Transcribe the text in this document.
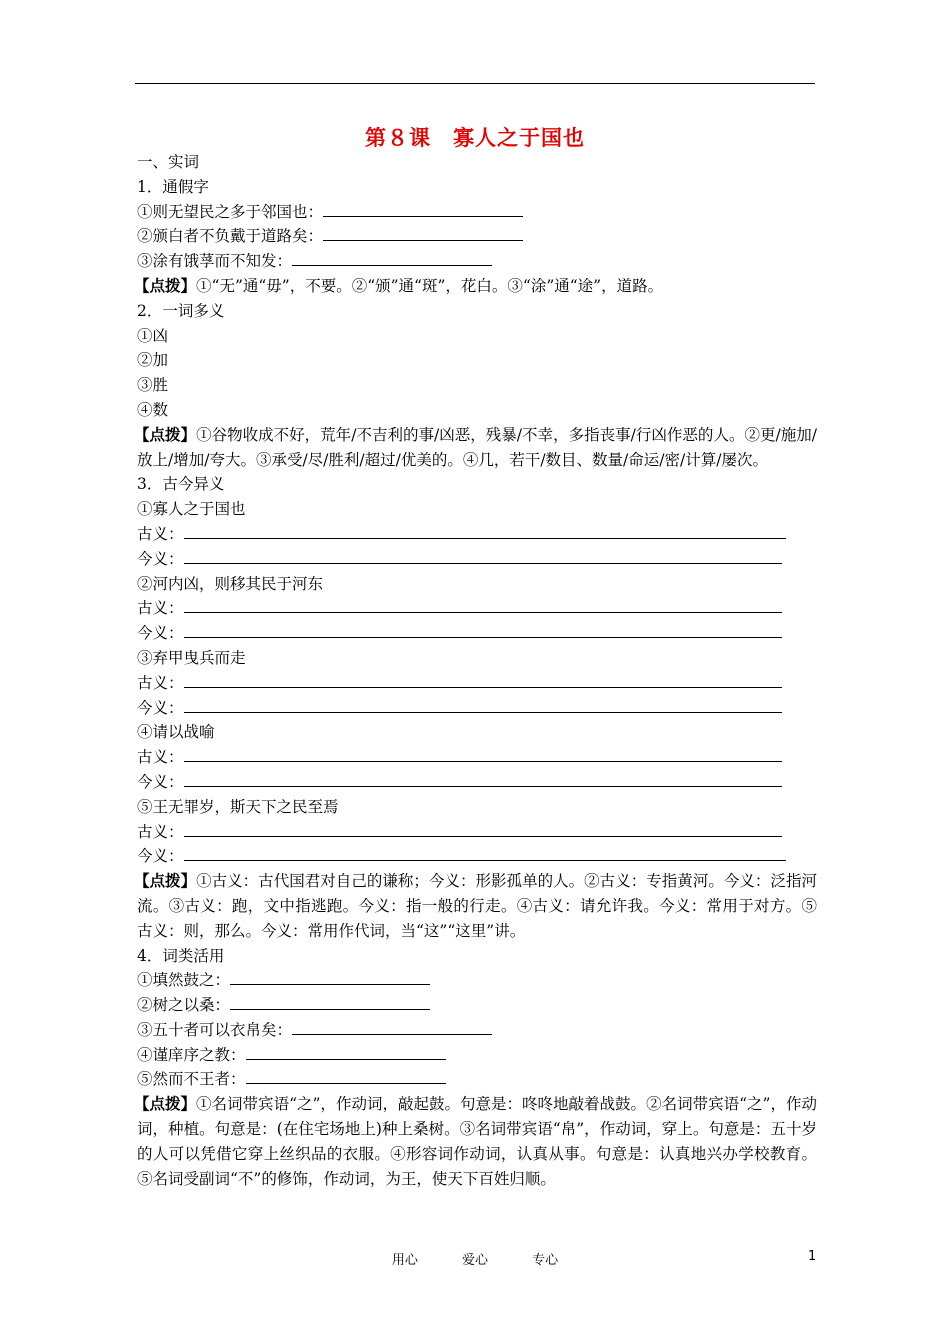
第８课　寡人之于国也
一、实词
1．通假字
①则无望民之多于邻国也：
②颁白者不负戴于道路矣：
③涂有饿莩而不知发：
【点拨】①“无”通“毋”，不要。②“颁”通“斑”，花白。③“涂”通“途”，道路。
2．一词多义
①凶
②加
③胜
④数
【点拨】①谷物收成不好，荒年/不吉利的事/凶恶，残暴/不幸，多指丧事/行凶作恶的人。②更/施加/放上/增加/夸大。③承受/尽/胜利/超过/优美的。④几，若干/数目、数量/命运/密/计算/屡次。
3．古今异义
①寡人之于国也
古义：
今义：
②河内凶，则移其民于河东
古义：
今义：
③弃甲曳兵而走
古义：
今义：
④请以战喻
古义：
今义：
⑤王无罪岁，斯天下之民至焉
古义：
今义：
【点拨】①古义：古代国君对自己的谦称；今义：形影孤单的人。②古义：专指黄河。今义：泛指河流。③古义：跑，文中指逃跑。今义：指一般的行走。④古义：请允许我。今义：常用于对方。⑤古义：则，那么。今义：常用作代词，当“这”“这里”讲。
4．词类活用
①填然鼓之：
②树之以桑：
③五十者可以衣帛矣：
④谨庠序之教：
⑤然而不王者：
【点拨】①名词带宾语“之”，作动词，敲起鼓。句意是：咚咚地敲着战鼓。②名词带宾语“之”，作动词，种植。句意是：(在住宅场地上)种上桑树。③名词带宾语“帛”，作动词，穿上。句意是：五十岁的人可以凭借它穿上丝织品的衣服。④形容词作动词，认真从事。句意是：认真地兴办学校教育。⑤名词受副词“不”的修饰，作动词，为王，使天下百姓归顺。
用心	爱心	专心	1
